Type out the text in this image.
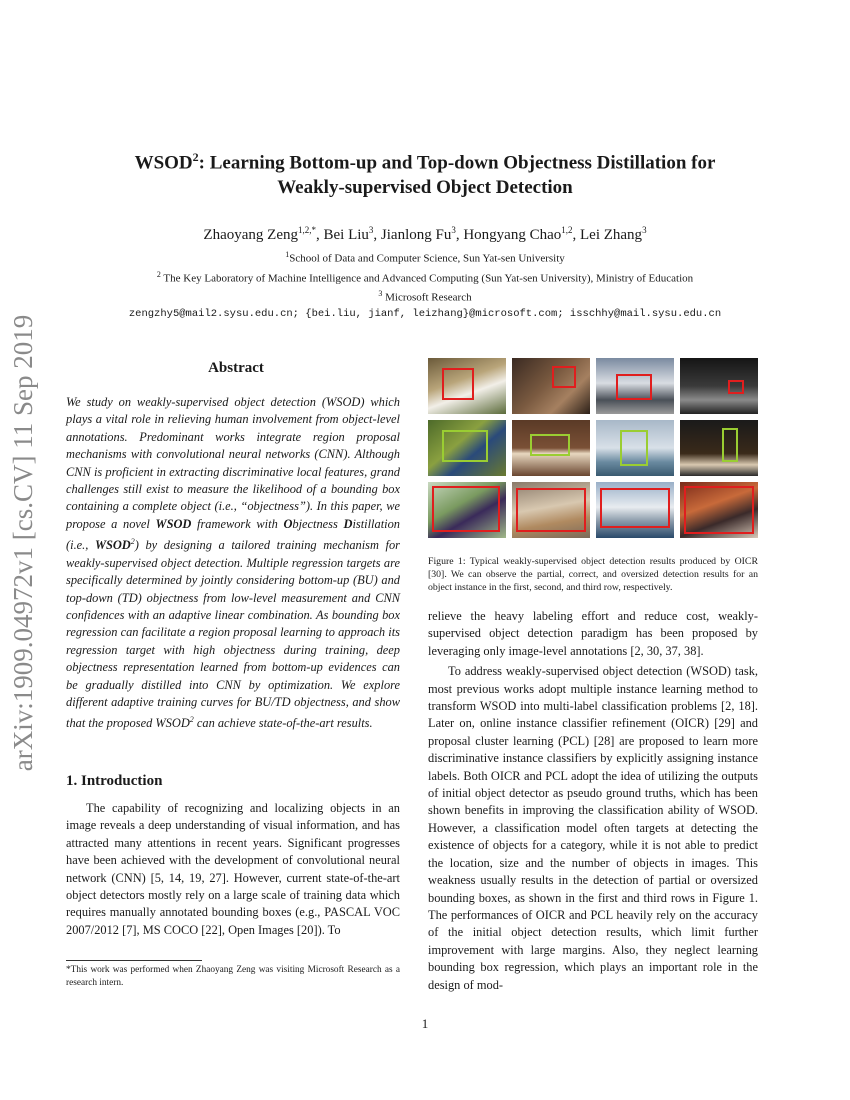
arXiv:1909.04972v1 [cs.CV] 11 Sep 2019
WSOD$^2$: Learning Bottom-up and Top-down Objectness Distillation for
Weakly-supervised Object Detection
Zhaoyang Zeng$^{1,2,*}$, Bei Liu$^3$, Jianlong Fu$^3$, Hongyang Chao$^{1,2}$, Lei Zhang$^3$
$^1$School of Data and Computer Science, Sun Yat-sen University
$^2$ The Key Laboratory of Machine Intelligence and Advanced Computing (Sun Yat-sen University), Ministry of Education
$^3$ Microsoft Research
zengzhy5@mail2.sysu.edu.cn; {bei.liu, jianf, leizhang}@microsoft.com; isschhy@mail.sysu.edu.cn
Abstract
We study on weakly-supervised object detection (WSOD) which plays a vital role in relieving human involvement from object-level annotations. Predominant works integrate region proposal mechanisms with convolutional neural networks (CNN). Although CNN is proficient in extracting discriminative local features, grand challenges still exist to measure the likelihood of a bounding box containing a complete object (i.e., “objectness”). In this paper, we propose a novel WSOD framework with Objectness Distillation (i.e., WSOD$^2$) by designing a tailored training mechanism for weakly-supervised object detection. Multiple regression targets are specifically determined by jointly considering bottom-up (BU) and top-down (TD) objectness from low-level measurement and CNN confidences with an adaptive linear combination. As bounding box regression can facilitate a region proposal learning to approach its regression target with high objectness during training, deep objectness representation learned from bottom-up evidences can be gradually distilled into CNN by optimization. We explore different adaptive training curves for BU/TD objectness, and show that the proposed WSOD$^2$ can achieve state-of-the-art results.
1. Introduction
The capability of recognizing and localizing objects in an image reveals a deep understanding of visual information, and has attracted many attentions in recent years. Significant progresses have been achieved with the development of convolutional neural network (CNN) [5, 14, 19, 27]. However, current state-of-the-art object detectors mostly rely on a large scale of training data which requires manually annotated bounding boxes (e.g., PASCAL VOC 2007/2012 [7], MS COCO [22], Open Images [20]). To
*This work was performed when Zhaoyang Zeng was visiting Microsoft Research as a research intern.
Figure 1: Typical weakly-supervised object detection results produced by OICR [30]. We can observe the partial, correct, and oversized detection results for an object instance in the first, second, and third row, respectively.

relieve the heavy labeling effort and reduce cost, weakly-supervised object detection paradigm has been proposed by leveraging only image-level annotations [2, 30, 37, 38].

To address weakly-supervised object detection (WSOD) task, most previous works adopt multiple instance learning method to transform WSOD into multi-label classification problems [2, 18]. Later on, online instance classifier refinement (OICR) [29] and proposal cluster learning (PCL) [28] are proposed to learn more discriminative instance classifiers by explicitly assigning instance labels. Both OICR and PCL adopt the idea of utilizing the outputs of initial object detector as pseudo ground truths, which has been shown benefits in improving the classification ability of WSOD. However, a classification model often targets at detecting the existence of objects for a category, while it is not able to predict the location, size and the number of objects in images. This weakness usually results in the detection of partial or oversized bounding boxes, as shown in the first and third rows in Figure 1. The performances of OICR and PCL heavily rely on the accuracy of the initial object detection results, which limit further improvement with large margins. Also, they neglect learning bounding box regression, which plays an important role in the design of mod-

1
